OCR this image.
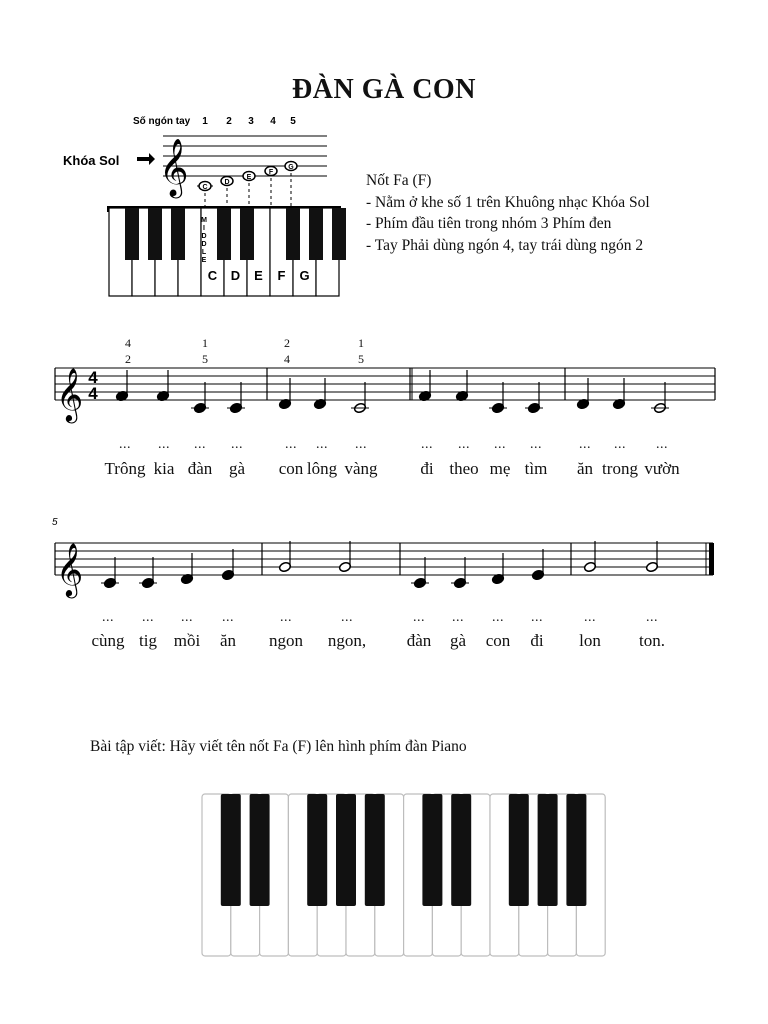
ĐÀN GÀ CON
Số ngón tay 1 2 3 4 5
Khóa Sol 𝄞 C
D
E
F
G
C D E F G
M
I
D
D
L
E
Nốt Fa (F)
- Nằm ở khe số 1 trên Khuông nhạc Khóa Sol
- Phím đầu tiên trong nhóm 3 Phím đen
- Tay Phải dùng ngón 4, tay trái dùng ngón 2
𝄞 4
4
4
2
1
5
2
4
1
5
...
Trông
...
kia
...
đàn
...
gà
...
con
...
lông
...
vàng
...
đi
...
theo
...
mẹ
...
tìm
...
ăn
...
trong
...
vườn
5
𝄞
...
cùng
...
tig
...
mồi
...
ăn
...
ngon
...
ngon,
...
đàn
...
gà
...
con
...
đi
...
lon
...
ton.
Bài tập viết: Hãy viết tên nốt Fa (F) lên hình phím đàn Piano
